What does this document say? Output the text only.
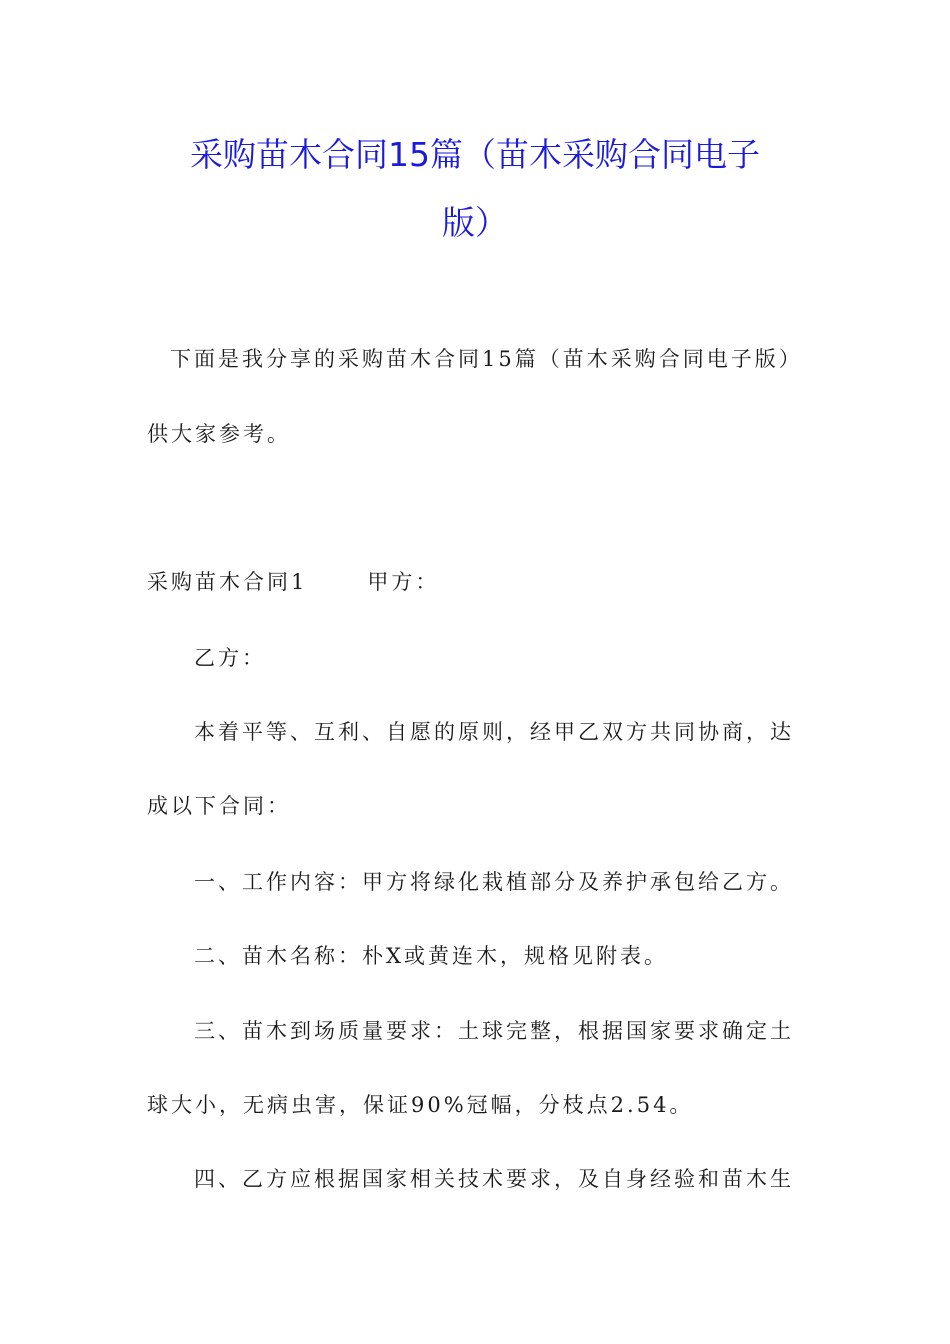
采购苗木合同15篇（苗木采购合同电子
版）
下面是我分享的采购苗木合同15篇（苗木采购合同电子版）
供大家参考。
采购苗木合同1	甲方：
乙方：
本着平等、互利、自愿的原则，经甲乙双方共同协商，达
成以下合同：
一、工作内容：甲方将绿化栽植部分及养护承包给乙方。
二、苗木名称：朴X或黄连木，规格见附表。
三、苗木到场质量要求：土球完整，根据国家要求确定土
球大小，无病虫害，保证90%冠幅，分枝点2.54。
四、乙方应根据国家相关技术要求，及自身经验和苗木生
